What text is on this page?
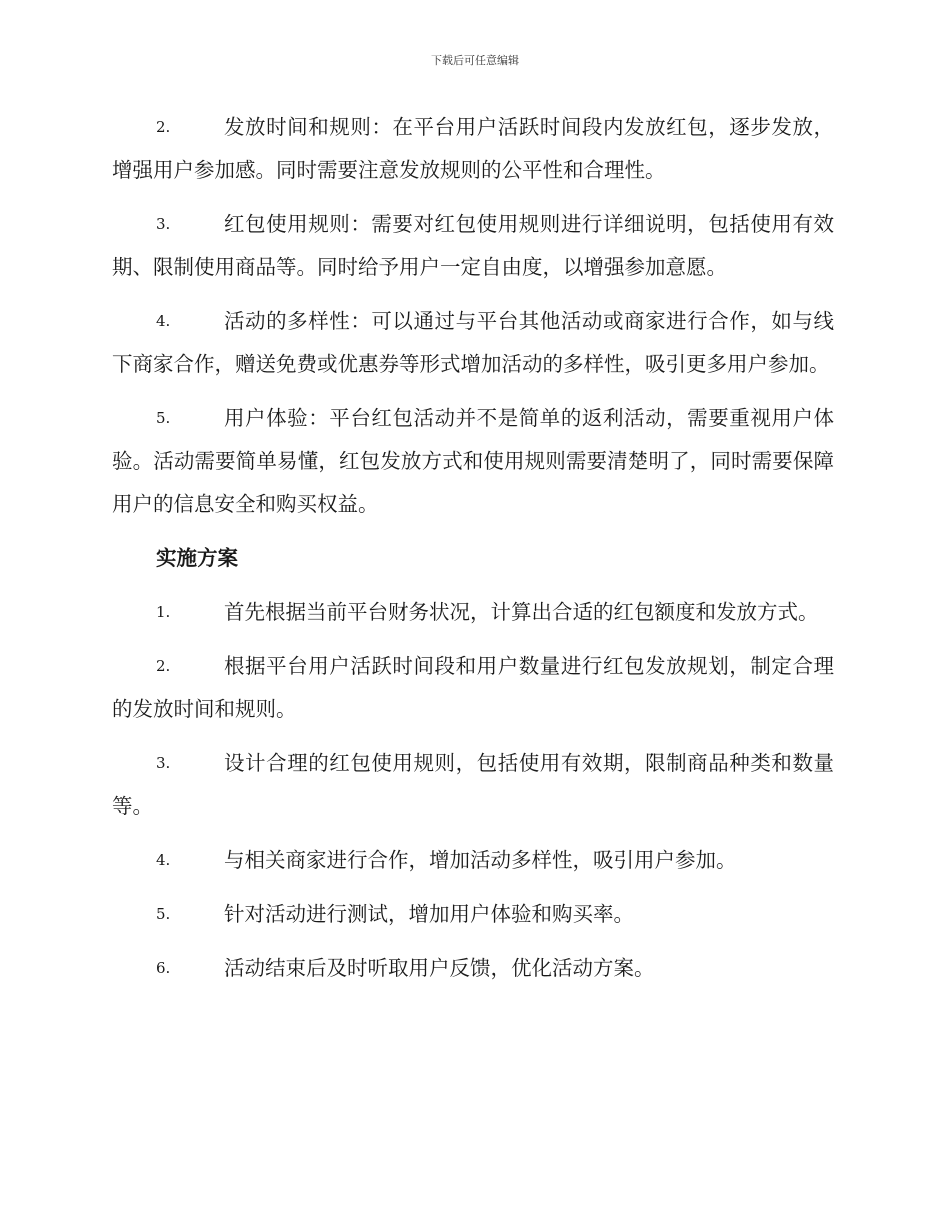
下载后可任意编辑

2.	发放时间和规则：在平台用户活跃时间段内发放红包，逐步发放，增强用户参加感。同时需要注意发放规则的公平性和合理性。

3.	红包使用规则：需要对红包使用规则进行详细说明，包括使用有效期、限制使用商品等。同时给予用户一定自由度，以增强参加意愿。

4.	活动的多样性：可以通过与平台其他活动或商家进行合作，如与线下商家合作，赠送免费或优惠券等形式增加活动的多样性，吸引更多用户参加。

5.	用户体验：平台红包活动并不是简单的返利活动，需要重视用户体验。活动需要简单易懂，红包发放方式和使用规则需要清楚明了，同时需要保障用户的信息安全和购买权益。

实施方案

1.	首先根据当前平台财务状况，计算出合适的红包额度和发放方式。

2.	根据平台用户活跃时间段和用户数量进行红包发放规划，制定合理的发放时间和规则。

3.	设计合理的红包使用规则，包括使用有效期，限制商品种类和数量等。

4.	与相关商家进行合作，增加活动多样性，吸引用户参加。

5.	针对活动进行测试，增加用户体验和购买率。

6.	活动结束后及时听取用户反馈，优化活动方案。
